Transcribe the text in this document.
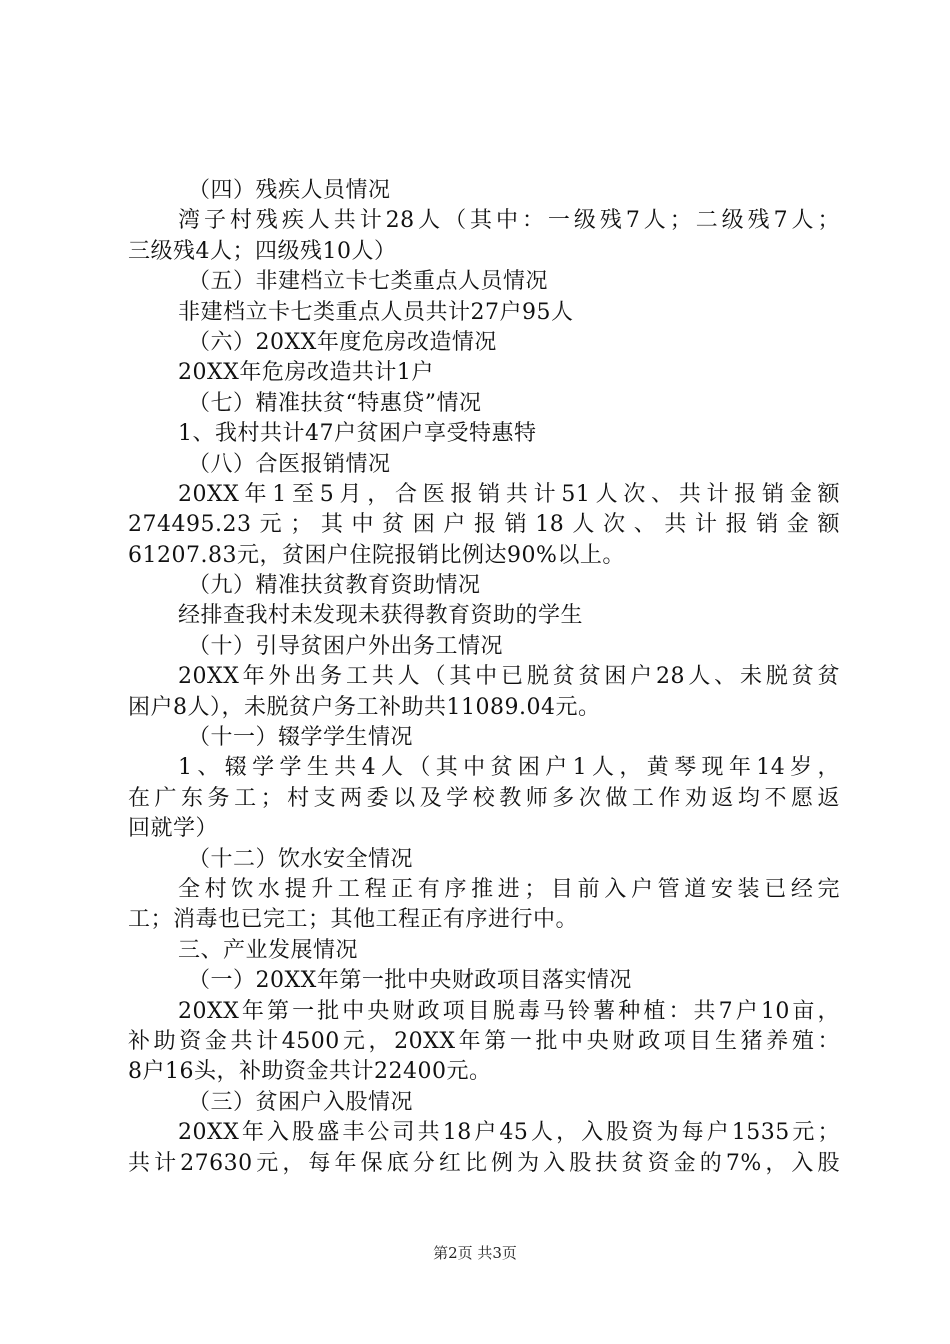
（四）残疾人员情况
湾子村残疾人共计28人（其中：一级残7人；二级残7人；
三级残4人；四级残10人）
（五）非建档立卡七类重点人员情况
非建档立卡七类重点人员共计27户95人
（六）20XX年度危房改造情况
20XX年危房改造共计1户
（七）精准扶贫“特惠贷”情况
1、我村共计47户贫困户享受特惠特
（八）合医报销情况
20XX年1至5月，合医报销共计51人次、共计报销金额
274495.23元；其中贫困户报销18人次、共计报销金额
61207.83元，贫困户住院报销比例达90%以上。
（九）精准扶贫教育资助情况
经排查我村未发现未获得教育资助的学生
（十）引导贫困户外出务工情况
20XX年外出务工共人（其中已脱贫贫困户28人、未脱贫贫
困户8人），未脱贫户务工补助共11089.04元。
（十一）辍学学生情况
1、辍学学生共4人（其中贫困户1人，黄琴现年14岁，
在广东务工；村支两委以及学校教师多次做工作劝返均不愿返
回就学）
（十二）饮水安全情况
全村饮水提升工程正有序推进；目前入户管道安装已经完
工；消毒也已完工；其他工程正有序进行中。
三、产业发展情况
（一）20XX年第一批中央财政项目落实情况
20XX年第一批中央财政项目脱毒马铃薯种植：共7户10亩，
补助资金共计4500元，20XX年第一批中央财政项目生猪养殖：
8户16头，补助资金共计22400元。
（三）贫困户入股情况
20XX年入股盛丰公司共18户45人，入股资为每户1535元；
共计27630元，每年保底分红比例为入股扶贫资金的7%，入股
第2页 共3页
